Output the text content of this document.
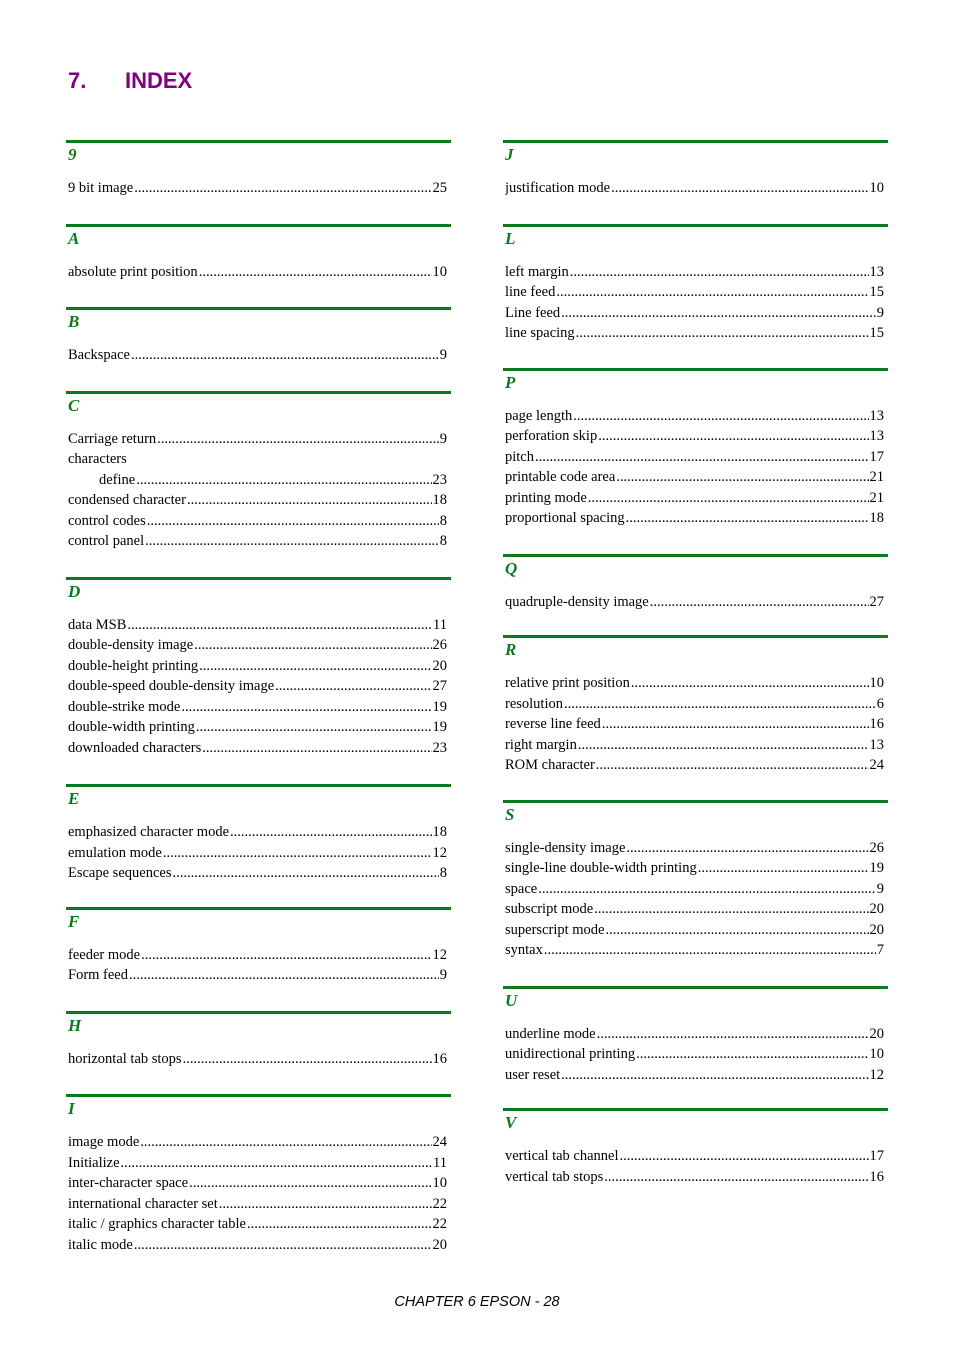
7. INDEX
9
9 bit image .....	25
A
absolute print position .....	10
B
Backspace .....	9
C
Carriage return .....	9
characters
define .....	23
condensed character .....	18
control codes .....	8
control panel .....	8
D
data MSB .....	11
double-density image .....	26
double-height printing .....	20
double-speed double-density image .....	27
double-strike mode .....	19
double-width printing .....	19
downloaded characters .....	23
E
emphasized character mode .....	18
emulation mode .....	12
Escape sequences .....	8
F
feeder mode .....	12
Form feed .....	9
H
horizontal tab stops .....	16
I
image mode .....	24
Initialize .....	11
inter-character space .....	10
international character set .....	22
italic / graphics character table .....	22
italic mode .....	20
J
justification mode .....	10
L
left margin .....	13
line feed .....	15
Line feed .....	9
line spacing .....	15
P
page length .....	13
perforation skip .....	13
pitch .....	17
printable code area .....	21
printing mode .....	21
proportional spacing .....	18
Q
quadruple-density image .....	27
R
relative print position .....	10
resolution .....	6
reverse line feed .....	16
right margin .....	13
ROM character .....	24
S
single-density image .....	26
single-line double-width printing .....	19
space .....	9
subscript mode .....	20
superscript mode .....	20
syntax .....	7
U
underline mode .....	20
unidirectional printing .....	10
user reset .....	12
V
vertical tab channel .....	17
vertical tab stops .....	16
CHAPTER 6 EPSON - 28
